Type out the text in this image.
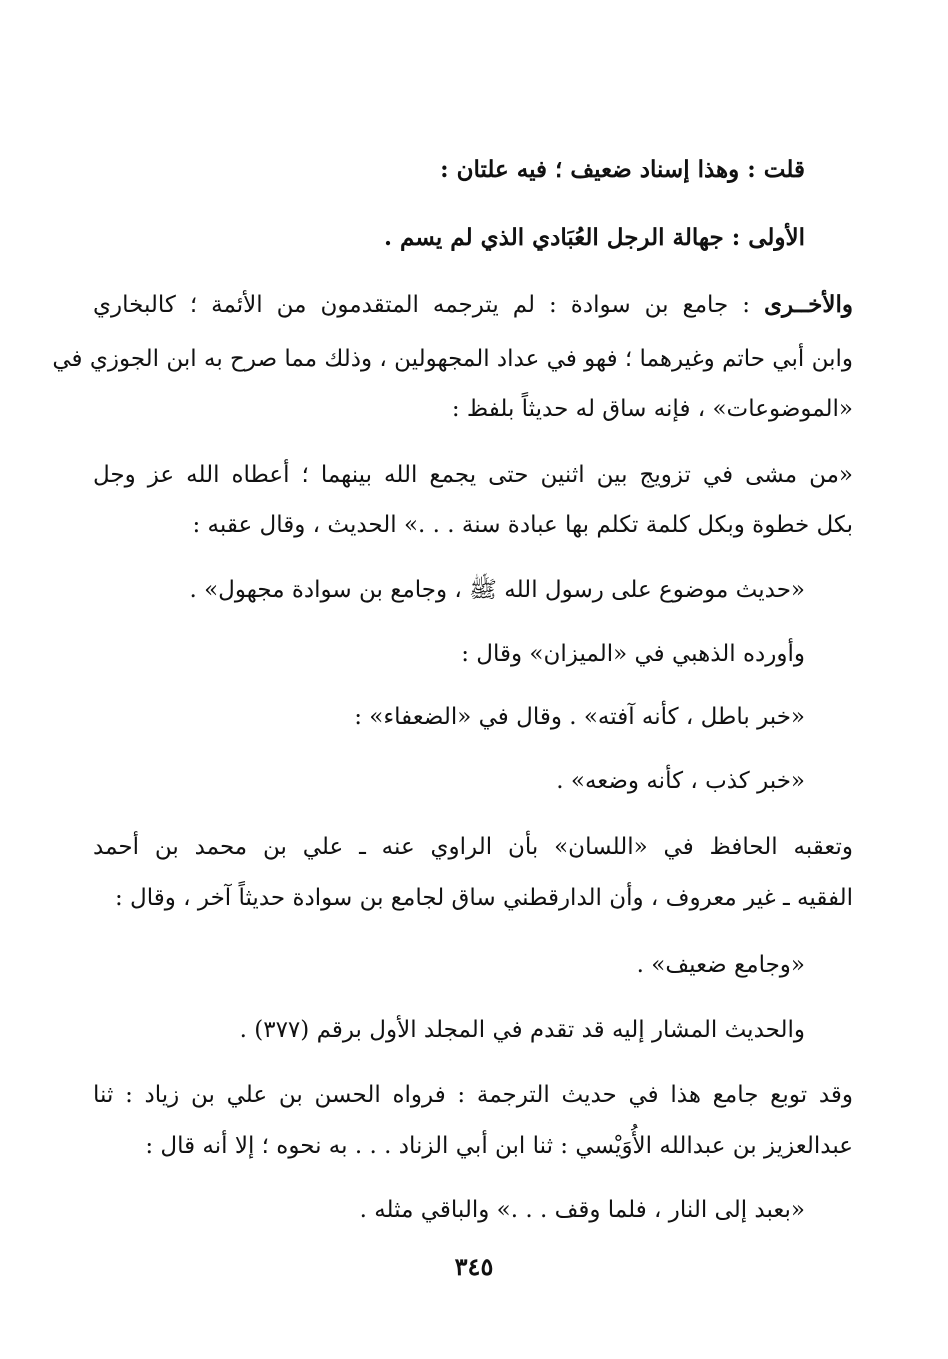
قلت : وهذا إسناد ضعيف ؛ فيه علتان :
الأولى : جهالة الرجل العُبَادي الذي لم يسم .
والأخــرى : جامع بن سوادة : لم يترجمه المتقدمون من الأئمة ؛ كالبخاري
وابن أبي حاتم وغيرهما ؛ فهو في عداد المجهولين ، وذلك مما صرح به ابن الجوزي في
«الموضوعات» ، فإنه ساق له حديثاً بلفظ :
«من مشى في تزويج بين اثنين حتى يجمع الله بينهما ؛ أعطاه الله عز وجل
بكل خطوة وبكل كلمة تكلم بها عبادة سنة . . .» الحديث ، وقال عقبه :
«حديث موضوع على رسول الله ﷺ ، وجامع بن سوادة مجهول» .
وأورده الذهبي في «الميزان» وقال :
«خبر باطل ، كأنه آفته» . وقال في «الضعفاء» :
«خبر كذب ، كأنه وضعه» .
وتعقبه الحافظ في «اللسان» بأن الراوي عنه ـ علي بن محمد بن أحمد
الفقيه ـ غير معروف ، وأن الدارقطني ساق لجامع بن سوادة حديثاً آخر ، وقال :
«وجامع ضعيف» .
والحديث المشار إليه قد تقدم في المجلد الأول برقم (٣٧٧) .
وقد توبع جامع هذا في حديث الترجمة : فرواه الحسن بن علي بن زياد : ثنا
عبدالعزيز بن عبدالله الأُوَيْسي : ثنا ابن أبي الزناد . . . به نحوه ؛ إلا أنه قال :
«بعبد إلى النار ، فلما وقف . . .» والباقي مثله .
٣٤٥
